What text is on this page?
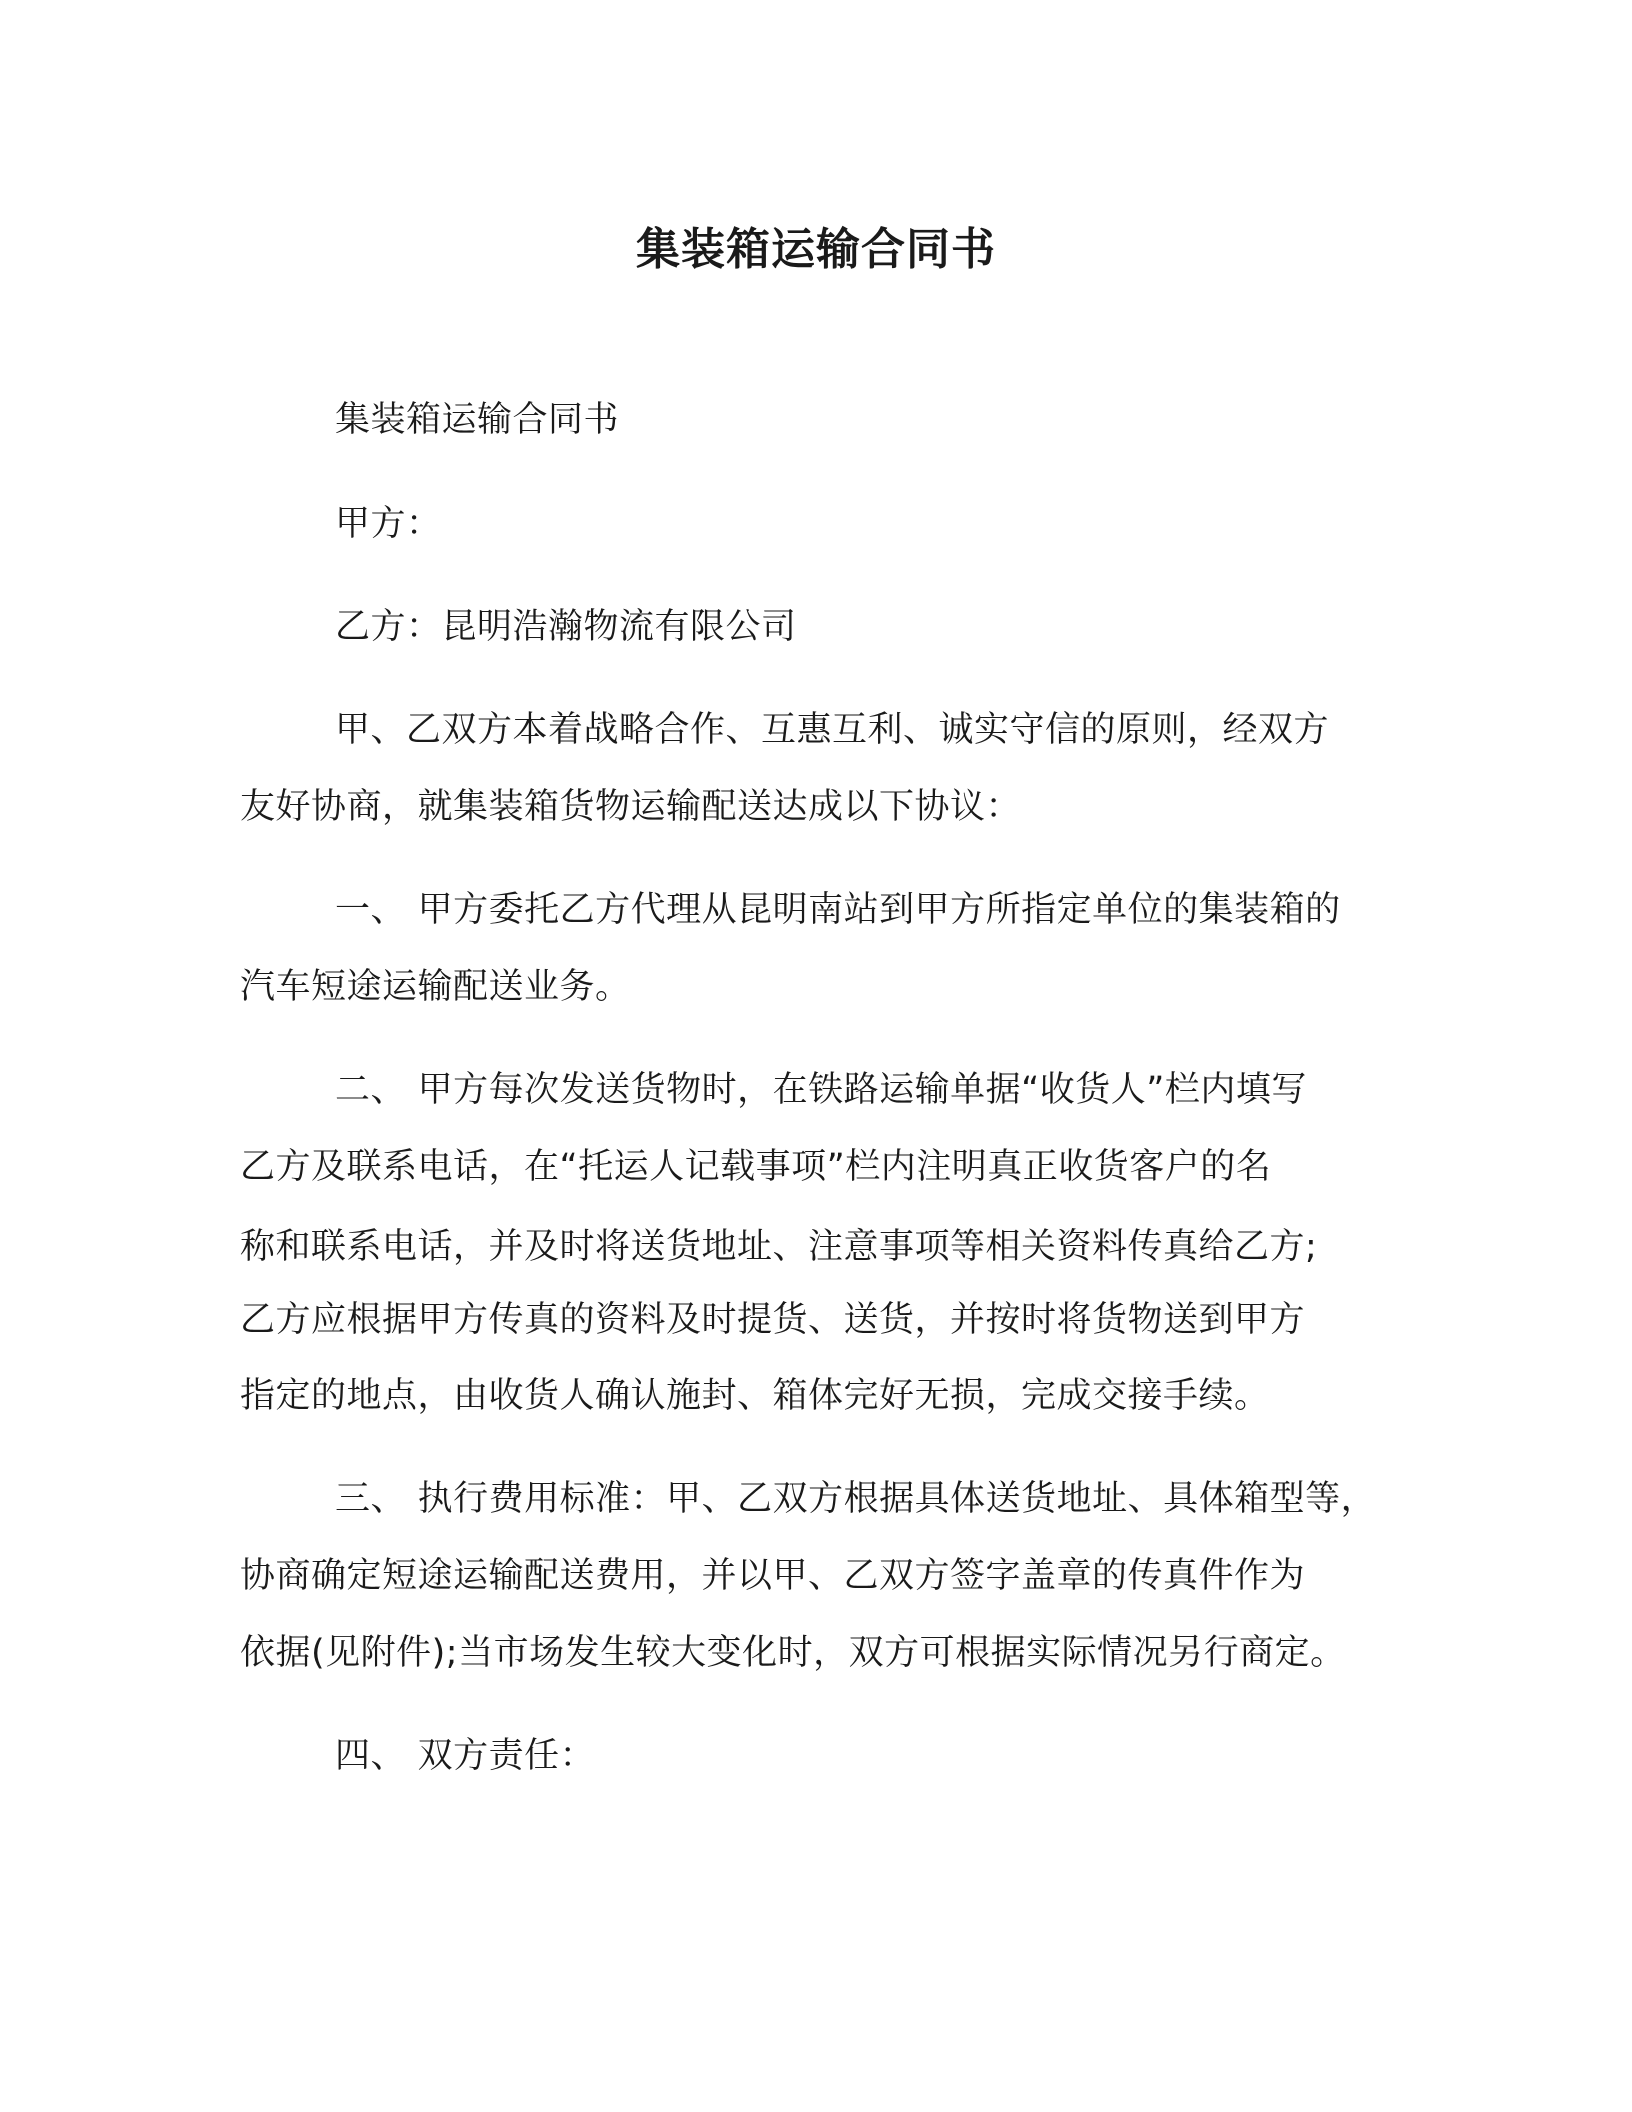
集装箱运输合同书
集装箱运输合同书
甲方：
乙方：昆明浩瀚物流有限公司
甲、乙双方本着战略合作、互惠互利、诚实守信的原则，经双方
友好协商，就集装箱货物运输配送达成以下协议：
一、 甲方委托乙方代理从昆明南站到甲方所指定单位的集装箱的
汽车短途运输配送业务。
二、 甲方每次发送货物时，在铁路运输单据“收货人”栏内填写
乙方及联系电话，在“托运人记载事项”栏内注明真正收货客户的名
称和联系电话，并及时将送货地址、注意事项等相关资料传真给乙方;
乙方应根据甲方传真的资料及时提货、送货，并按时将货物送到甲方
指定的地点，由收货人确认施封、箱体完好无损，完成交接手续。
三、 执行费用标准：甲、乙双方根据具体送货地址、具体箱型等，
协商确定短途运输配送费用，并以甲、乙双方签字盖章的传真件作为
依据(见附件);当市场发生较大变化时，双方可根据实际情况另行商定。
四、 双方责任：
